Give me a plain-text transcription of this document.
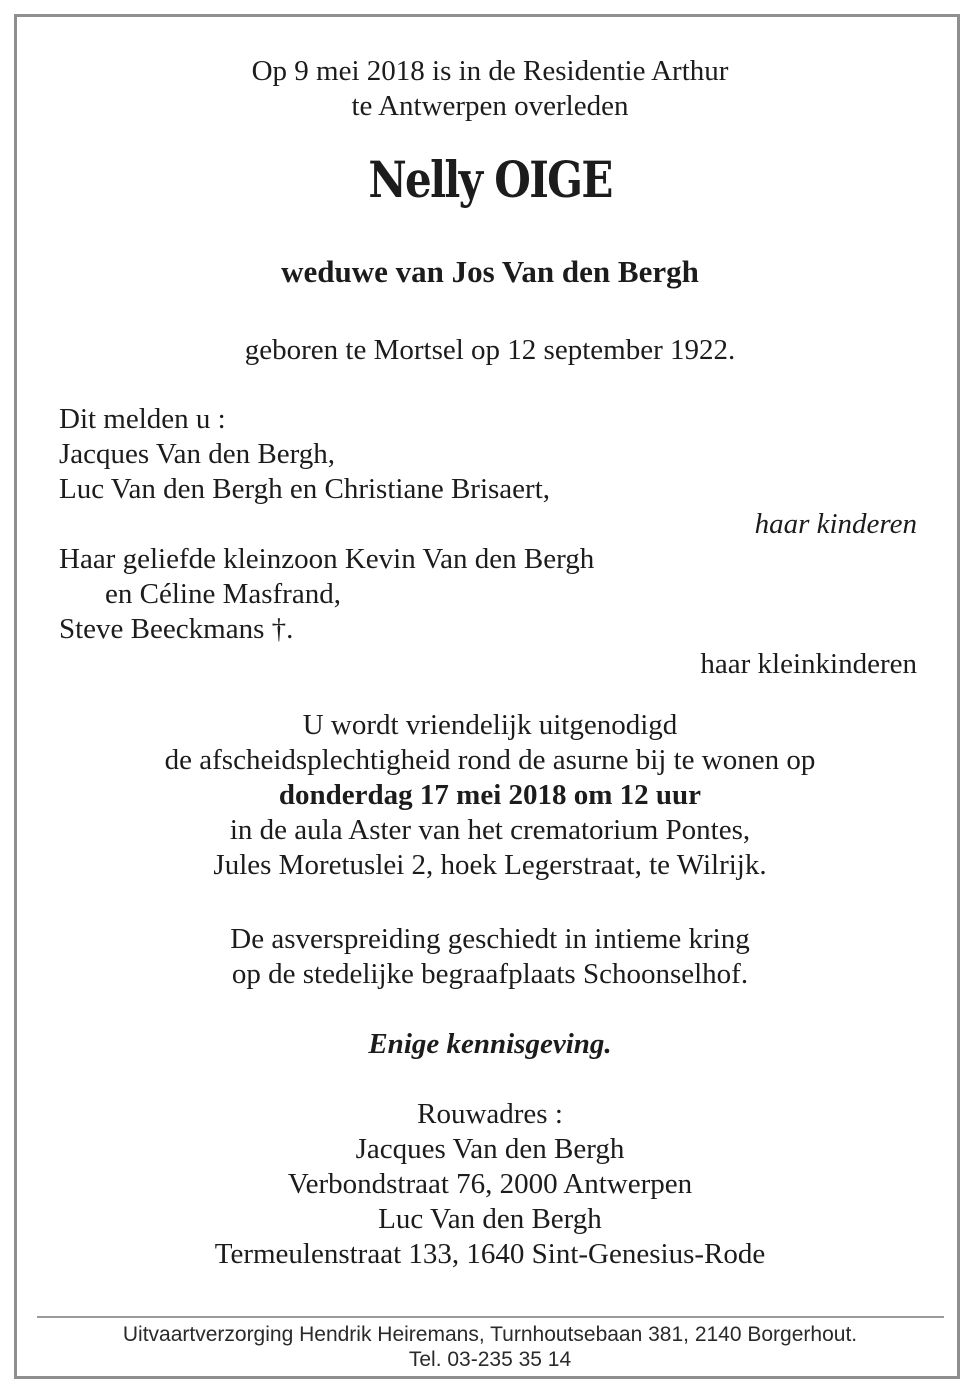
Op 9 mei 2018 is in de Residentie Arthur
te Antwerpen overleden
Nelly OIGE
weduwe van Jos Van den Bergh
geboren te Mortsel op 12 september 1922.
Dit melden u :
Jacques Van den Bergh,
Luc Van den Bergh en Christiane Brisaert,
haar kinderen
Haar geliefde kleinzoon Kevin Van den Bergh
en Céline Masfrand,
Steve Beeckmans †.
haar kleinkinderen
U wordt vriendelijk uitgenodigd
de afscheidsplechtigheid rond de asurne bij te wonen op
donderdag 17 mei 2018 om 12 uur
in de aula Aster van het crematorium Pontes,
Jules Moretuslei 2, hoek Legerstraat, te Wilrijk.
De asverspreiding geschiedt in intieme kring
op de stedelijke begraafplaats Schoonselhof.
Enige kennisgeving.
Rouwadres :
Jacques Van den Bergh
Verbondstraat 76, 2000 Antwerpen
Luc Van den Bergh
Termeulenstraat 133, 1640 Sint-Genesius-Rode
Uitvaartverzorging Hendrik Heiremans, Turnhoutsebaan 381, 2140 Borgerhout.
Tel. 03-235 35 14
